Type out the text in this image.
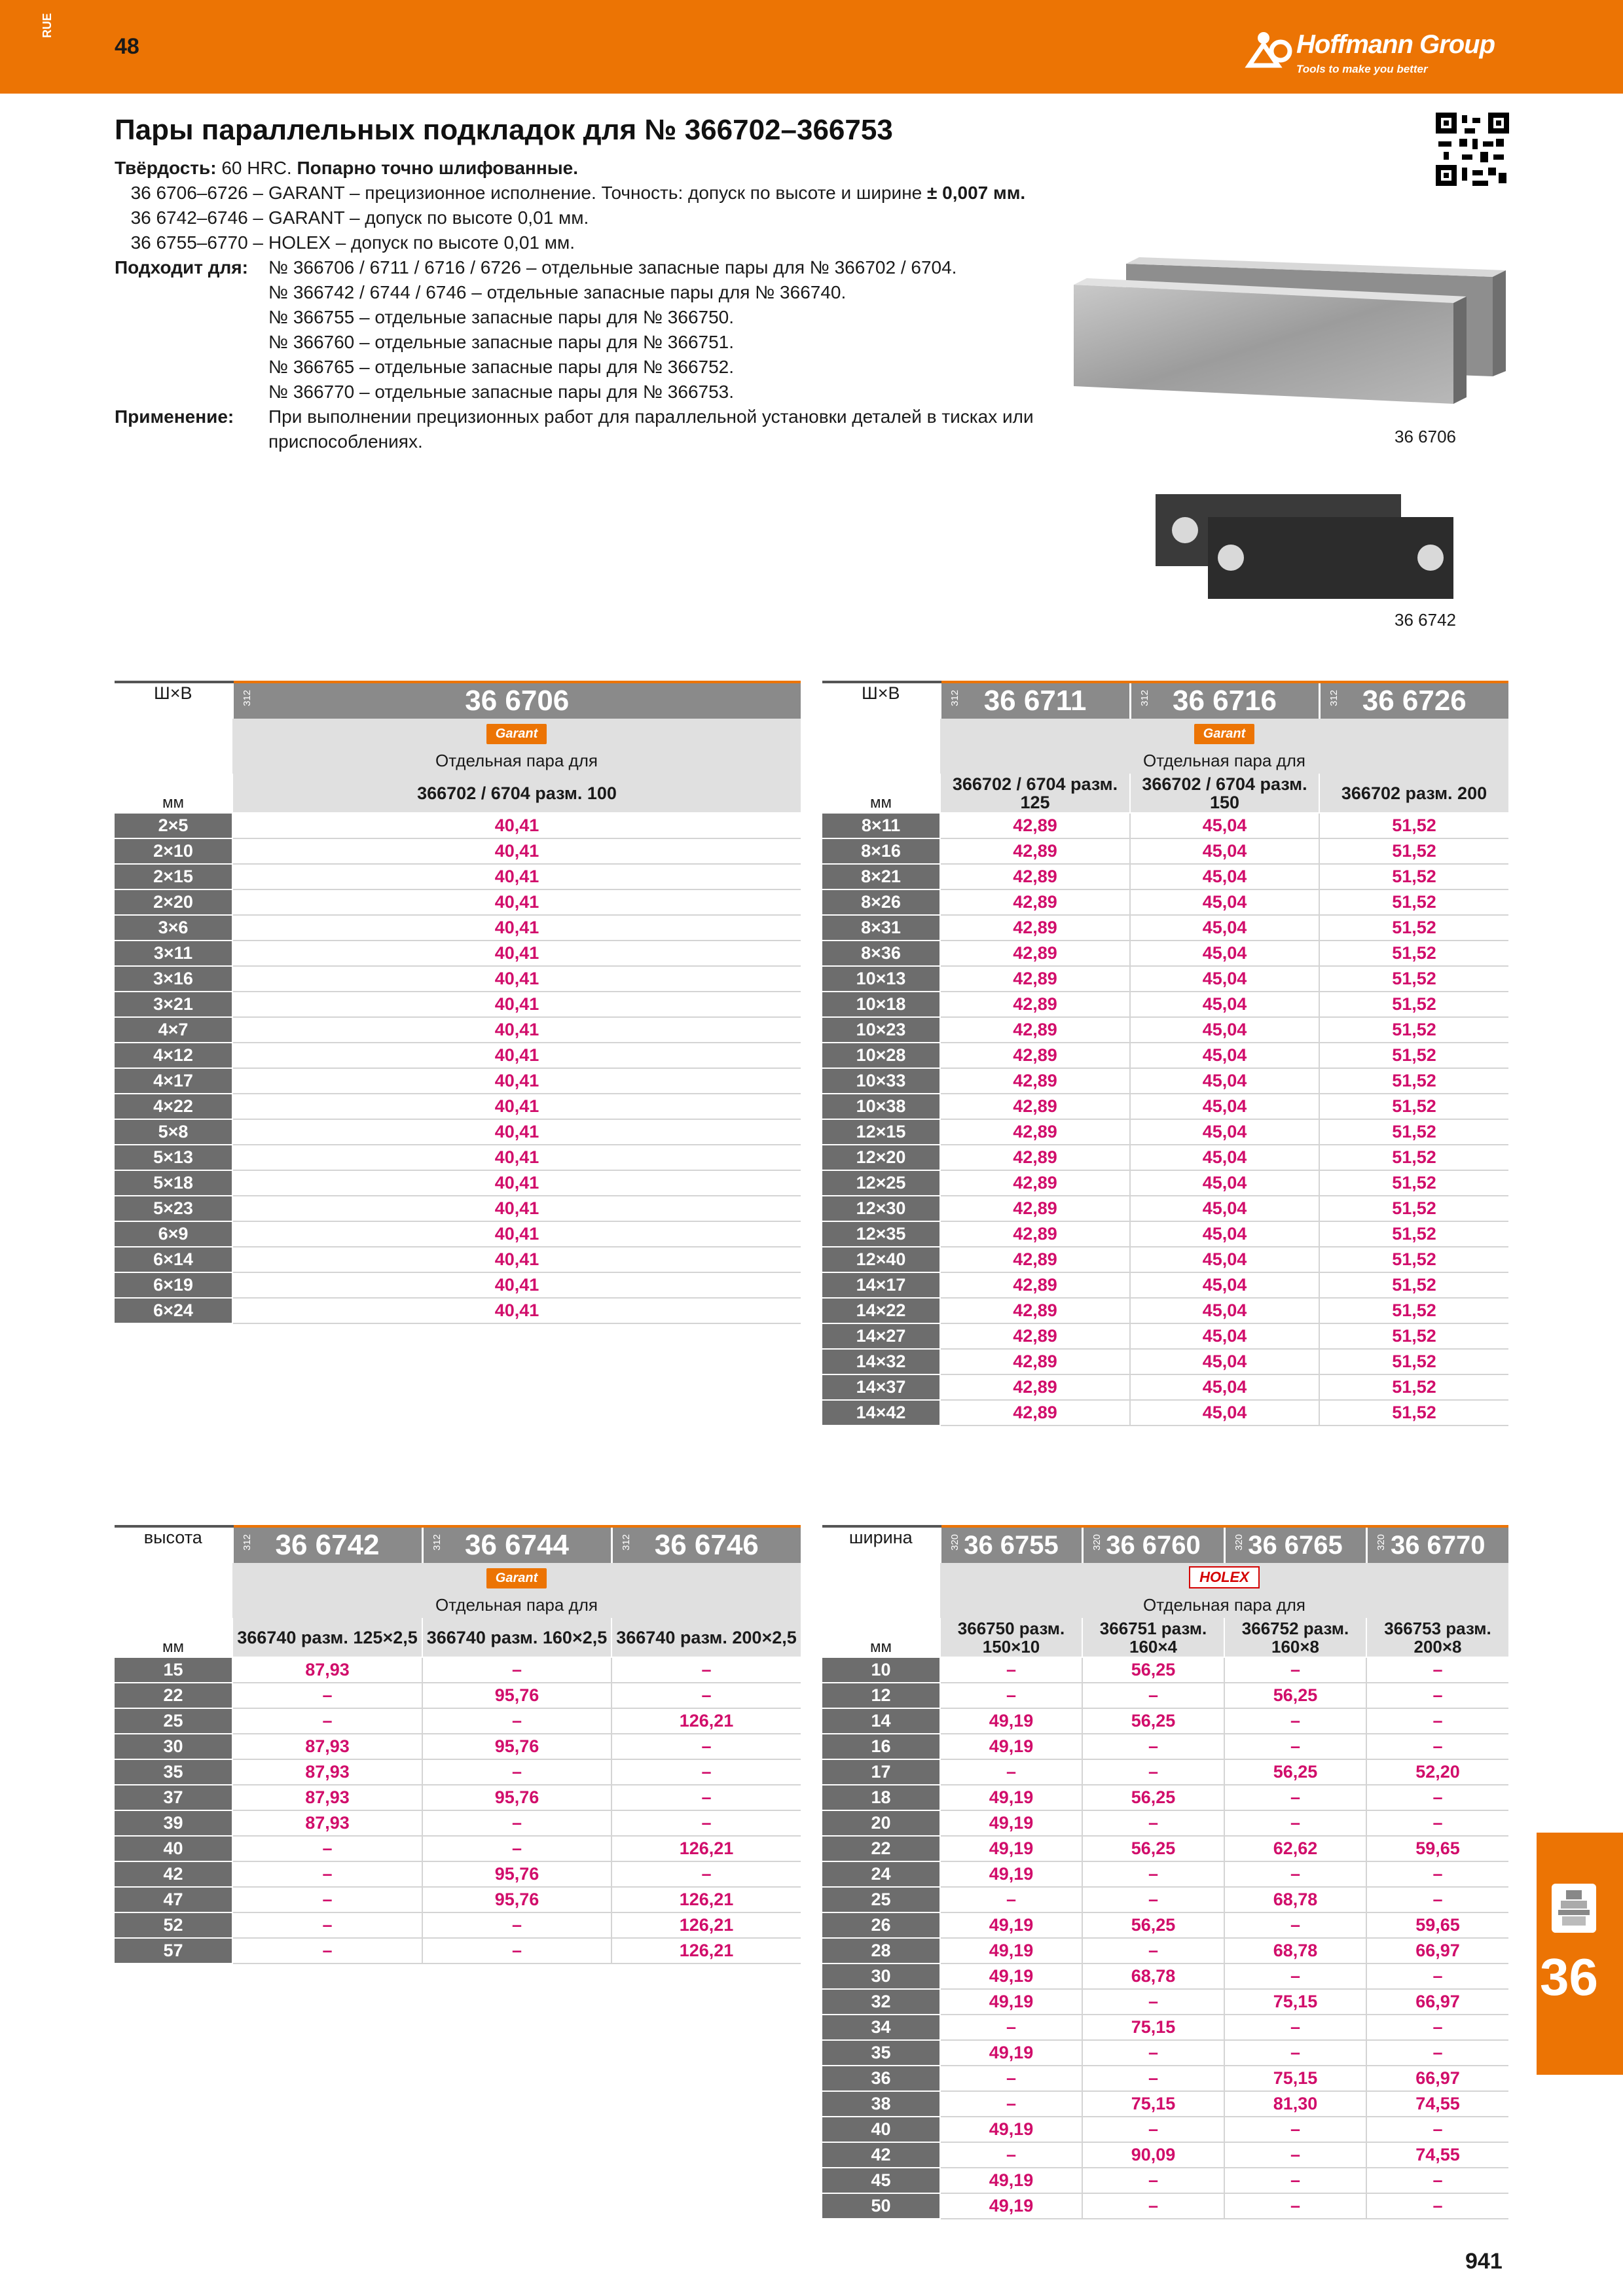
RUE
48	Hoffmann Group
Tools to make you better
Пары параллельных подкладок для № 366702–366753
Твёрдость: 60 HRC. Попарно точно шлифованные.
36 6706–6726 – GARANT – прецизионное исполнение. Точность: допуск по высоте и ширине ± 0,007 мм.
36 6742–6746 – GARANT – допуск по высоте 0,01 мм.
36 6755–6770 – HOLEX – допуск по высоте 0,01 мм.
Подходит для:	№ 366706 / 6711 / 6716 / 6726 – отдельные запасные пары для № 366702 / 6704.
№ 366742 / 6744 / 6746 – отдельные запасные пары для № 366740.
№ 366755 – отдельные запасные пары для № 366750.
№ 366760 – отдельные запасные пары для № 366751.
№ 366765 – отдельные запасные пары для № 366752.
№ 366770 – отдельные запасные пары для № 366753.
Применение:	При выполнении прецизионных работ для параллельной установки деталей в тисках или приспособлениях.	36 6706
36 6742
Ш×В	312 36 6706
	Garant
	Отдельная пара для
мм	366702 / 6704 разм. 100
2×5	40,41
2×10	40,41
2×15	40,41
2×20	40,41
3×6	40,41
3×11	40,41
3×16	40,41
3×21	40,41
4×7	40,41
4×12	40,41
4×17	40,41
4×22	40,41
5×8	40,41
5×13	40,41
5×18	40,41
5×23	40,41
6×9	40,41
6×14	40,41
6×19	40,41
6×24	40,41
Ш×В	312 36 6711	312 36 6716	312 36 6726
	Garant		
	Отдельная пара для		
мм	366702 / 6704 разм. 125	366702 / 6704 разм. 150	366702 разм. 200
8×11	42,89	45,04	51,52
8×16	42,89	45,04	51,52
8×21	42,89	45,04	51,52
8×26	42,89	45,04	51,52
8×31	42,89	45,04	51,52
8×36	42,89	45,04	51,52
10×13	42,89	45,04	51,52
10×18	42,89	45,04	51,52
10×23	42,89	45,04	51,52
10×28	42,89	45,04	51,52
10×33	42,89	45,04	51,52
10×38	42,89	45,04	51,52
12×15	42,89	45,04	51,52
12×20	42,89	45,04	51,52
12×25	42,89	45,04	51,52
12×30	42,89	45,04	51,52
12×35	42,89	45,04	51,52
12×40	42,89	45,04	51,52
14×17	42,89	45,04	51,52
14×22	42,89	45,04	51,52
14×27	42,89	45,04	51,52
14×32	42,89	45,04	51,52
14×37	42,89	45,04	51,52
14×42	42,89	45,04	51,52
высота	312 36 6742	312 36 6744	312 36 6746
	Garant		
	Отдельная пара для		
мм	366740 разм. 125×2,5	366740 разм. 160×2,5	366740 разм. 200×2,5
15	87,93	–	–
22	–	95,76	–
25	–	–	126,21
30	87,93	95,76	–
35	87,93	–	–
37	87,93	95,76	–
39	87,93	–	–
40	–	–	126,21
42	–	95,76	–
47	–	95,76	126,21
52	–	–	126,21
57	–	–	126,21
ширина	320 36 6755	320 36 6760	320 36 6765	320 36 6770
	HOLEX			
	Отдельная пара для			
мм	366750 разм. 150×10	366751 разм. 160×4	366752 разм. 160×8	366753 разм. 200×8
10	–	56,25	–	–
12	–	–	56,25	–
14	49,19	56,25	–	–
16	49,19	–	–	–
17	–	–	56,25	52,20
18	49,19	56,25	–	–
20	49,19	–	–	–
22	49,19	56,25	62,62	59,65
24	49,19	–	–	–
25	–	–	68,78	–
26	49,19	56,25	–	59,65
28	49,19	–	68,78	66,97
30	49,19	68,78	–	–
32	49,19	–	75,15	66,97
34	–	75,15	–	–
35	49,19	–	–	–
36	–	–	75,15	66,97
38	–	75,15	81,30	74,55
40	49,19	–	–	–
42	–	90,09	–	74,55
45	49,19	–	–	–
50	49,19	–	–	–
36
941
